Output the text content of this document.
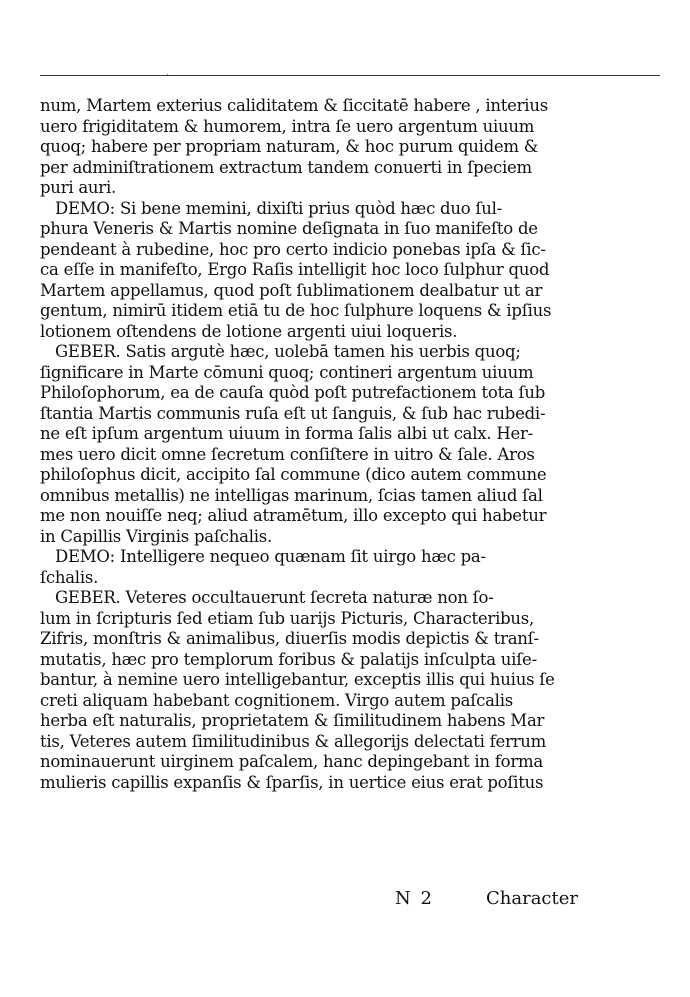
·
num, Martem exterius caliditatem & ſiccitatē habere , interius
uero frigiditatem & humorem, intra ſe uero argentum uiuum
quoq; habere per propriam naturam, & hoc purum quidem &
per adminiſtrationem extractum tandem conuerti in ſpeciem
puri auri.
DEMO: Si bene memini, dixiſti prius quòd hæc duo ſul-
phura Veneris & Martis nomine deſignata in ſuo manifeſto de
pendeant à rubedine, hoc pro certo indicio ponebas ipſa & ſic-
ca eſſe in manifeſto, Ergo Raſis intelligit hoc loco ſulphur quod
Martem appellamus, quod poſt ſublimationem dealbatur ut ar
gentum, nimirū itidem etiā tu de hoc ſulphure loquens & ipſius
lotionem oſtendens de lotione argenti uiui loqueris.
GEBER. Satis argutè hæc, uolebā tamen his uerbis quoq;
ſignificare in Marte cōmuni quoq; contineri argentum uiuum
Philoſophorum, ea de cauſa quòd poſt putrefactionem tota ſub
ſtantia Martis communis ruſa eſt ut ſanguis, & ſub hac rubedi-
ne eſt ipſum argentum uiuum in forma ſalis albi ut calx. Her-
mes uero dicit omne ſecretum conſiſtere in uitro & ſale. Aros
philoſophus dicit, accipito ſal commune (dico autem commune
omnibus metallis) ne intelligas marinum, ſcias tamen aliud ſal
me non nouiſſe neq; aliud atramētum, illo excepto qui habetur
in Capillis Virginis paſchalis.
DEMO: Intelligere nequeo quænam ſit uirgo hæc pa-
ſchalis.
GEBER. Veteres occultauerunt ſecreta naturæ non ſo-
lum in ſcripturis ſed etiam ſub uarijs Picturis, Characteribus,
Zifris, monſtris & animalibus, diuerſis modis depictis & tranſ-
mutatis, hæc pro templorum foribus & palatijs inſculpta uiſe-
bantur, à nemine uero intelligebantur, exceptis illis qui huius ſe
creti aliquam habebant cognitionem. Virgo autem paſcalis
herba eſt naturalis, proprietatem & ſimilitudinem habens Mar
tis, Veteres autem ſimilitudinibus & allegorijs delectati ferrum
nominauerunt uirginem paſcalem, hanc depingebant in forma
mulieris capillis expanſis & ſparſis, in uertice eius erat poſitus
N 2	Character
